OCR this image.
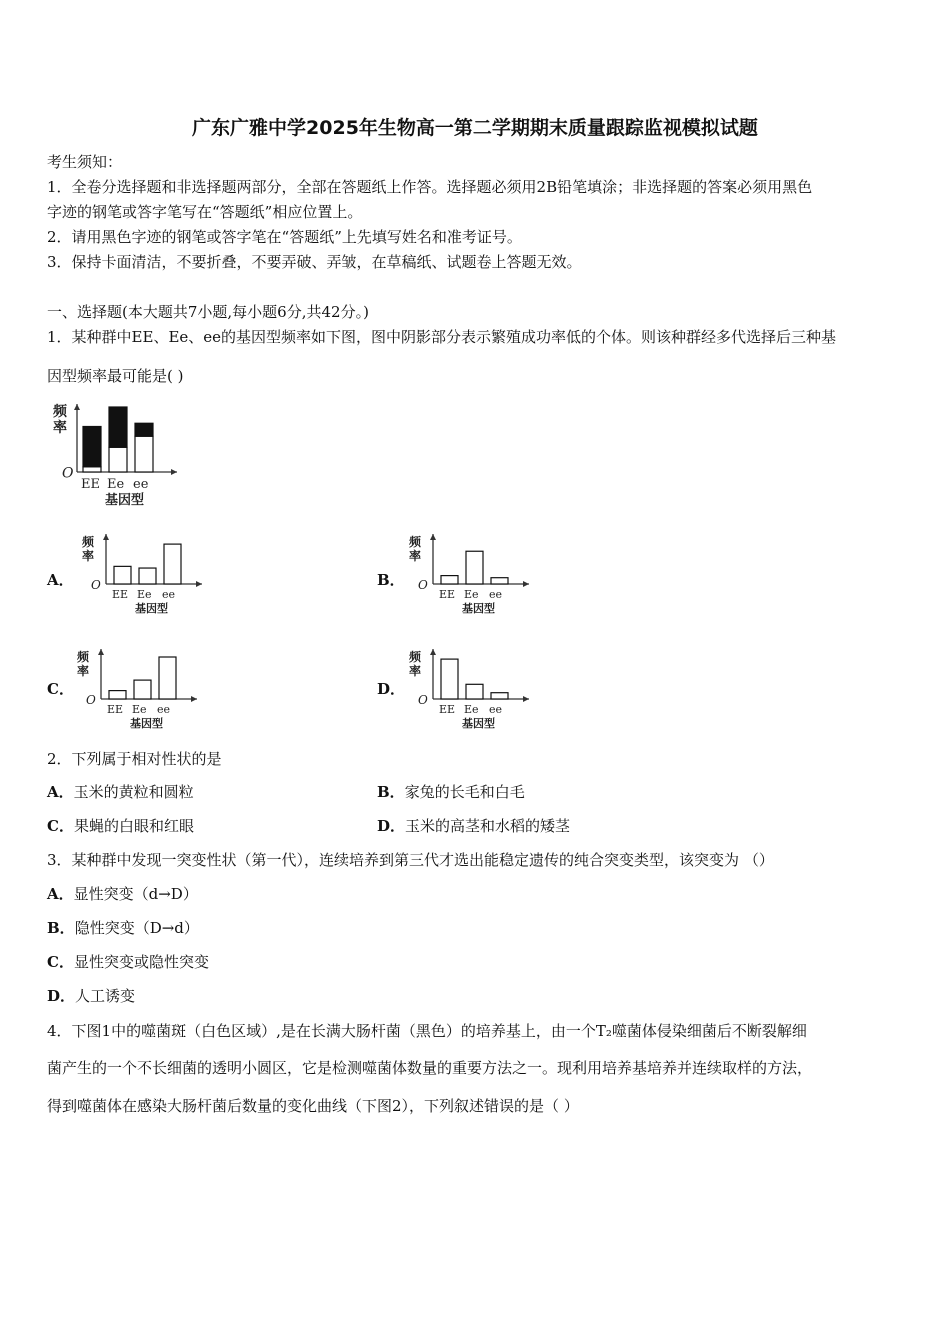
广东广雅中学2025年生物高一第二学期期末质量跟踪监视模拟试题
考生须知：
1．全卷分选择题和非选择题两部分，全部在答题纸上作答。选择题必须用2B铅笔填涂；非选择题的答案必须用黑色
字迹的钢笔或答字笔写在“答题纸”相应位置上。
2．请用黑色字迹的钢笔或答字笔在“答题纸”上先填写姓名和准考证号。
3．保持卡面清洁，不要折叠，不要弄破、弄皱，在草稿纸、试题卷上答题无效。
一、选择题(本大题共7小题,每小题6分,共42分。)
1．某种群中EE、Ee、ee的基因型频率如下图，图中阴影部分表示繁殖成功率低的个体。则该种群经多代选择后三种基
因型频率最可能是( )
频
率
O
EE Ee ee
基因型
A．
频
率
O
EE Ee ee
基因型
B．
频
率
O
EE Ee ee
基因型
C．
频
率
O
EE Ee ee
基因型
D．
频
率
O
EE Ee ee
基因型
2．下列属于相对性状的是
A．玉米的黄粒和圆粒	B．家兔的长毛和白毛
C．果蝇的白眼和红眼	D．玉米的高茎和水稻的矮茎
3．某种群中发现一突变性状（第一代），连续培养到第三代才选出能稳定遗传的纯合突变类型，该突变为 （）
A．显性突变（d→D）
B．隐性突变（D→d）
C．显性突变或隐性突变
D．人工诱变
4．下图1中的噬菌斑（白色区域）,是在长满大肠杆菌（黑色）的培养基上，由一个T₂噬菌体侵染细菌后不断裂解细
菌产生的一个不长细菌的透明小圆区，它是检测噬菌体数量的重要方法之一。现利用培养基培养并连续取样的方法，
得到噬菌体在感染大肠杆菌后数量的变化曲线（下图2），下列叙述错误的是（ ）
